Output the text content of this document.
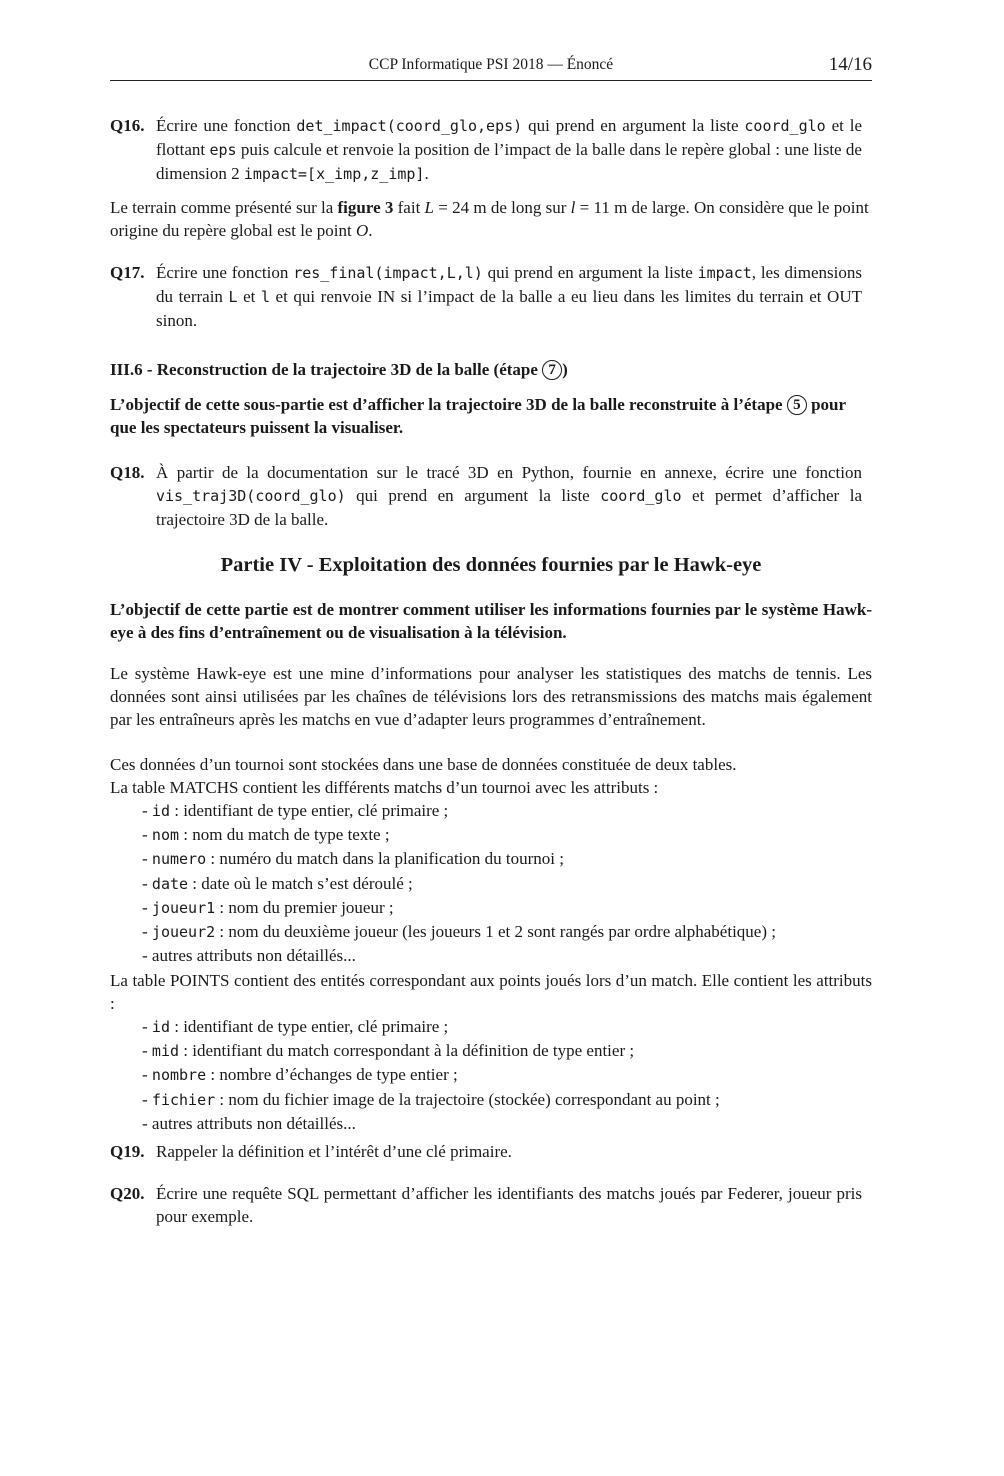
CCP Informatique PSI 2018 — Énoncé	14/16
Q16. Écrire une fonction det_impact(coord_glo,eps) qui prend en argument la liste coord_glo et le flottant eps puis calcule et renvoie la position de l’impact de la balle dans le repère global : une liste de dimension 2 impact=[x_imp,z_imp].
Le terrain comme présenté sur la figure 3 fait L = 24 m de long sur l = 11 m de large. On considère que le point origine du repère global est le point O.
Q17. Écrire une fonction res_final(impact,L,l) qui prend en argument la liste impact, les dimensions du terrain L et l et qui renvoie IN si l’impact de la balle a eu lieu dans les limites du terrain et OUT sinon.
III.6 - Reconstruction de la trajectoire 3D de la balle (étape 7 )
L’objectif de cette sous-partie est d’afficher la trajectoire 3D de la balle reconstruite à l’étape 5 pour que les spectateurs puissent la visualiser.
Q18. À partir de la documentation sur le tracé 3D en Python, fournie en annexe, écrire une fonction vis_traj3D(coord_glo) qui prend en argument la liste coord_glo et permet d’afficher la trajectoire 3D de la balle.
Partie IV - Exploitation des données fournies par le Hawk-eye
L’objectif de cette partie est de montrer comment utiliser les informations fournies par le système Hawk-eye à des fins d’entraînement ou de visualisation à la télévision.
Le système Hawk-eye est une mine d’informations pour analyser les statistiques des matchs de tennis. Les données sont ainsi utilisées par les chaînes de télévisions lors des retransmissions des matchs mais également par les entraîneurs après les matchs en vue d’adapter leurs programmes d’entraînement.
Ces données d’un tournoi sont stockées dans une base de données constituée de deux tables.
La table MATCHS contient les différents matchs d’un tournoi avec les attributs :
- id : identifiant de type entier, clé primaire ;
- nom : nom du match de type texte ;
- numero : numéro du match dans la planification du tournoi ;
- date : date où le match s’est déroulé ;
- joueur1 : nom du premier joueur ;
- joueur2 : nom du deuxième joueur (les joueurs 1 et 2 sont rangés par ordre alphabétique) ;
- autres attributs non détaillés...
La table POINTS contient des entités correspondant aux points joués lors d’un match. Elle contient les attributs :
- id : identifiant de type entier, clé primaire ;
- mid : identifiant du match correspondant à la définition de type entier ;
- nombre : nombre d’échanges de type entier ;
- fichier : nom du fichier image de la trajectoire (stockée) correspondant au point ;
- autres attributs non détaillés...
Q19. Rappeler la définition et l’intérêt d’une clé primaire.
Q20. Écrire une requête SQL permettant d’afficher les identifiants des matchs joués par Federer, joueur pris pour exemple.
